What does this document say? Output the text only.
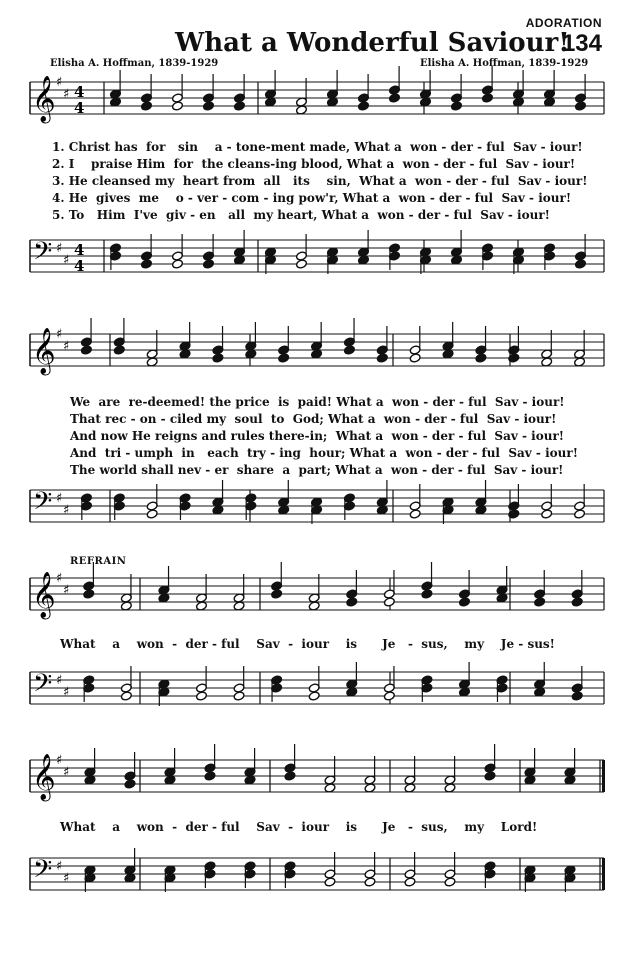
ADORATION
134
What a Wonderful Saviour!
Elisha A. Hoffman, 1839-1929	Elisha A. Hoffman, 1839-1929
𝄞
𝄢
♯
♯
♯
♯
4
4
4
4
𝄞
𝄢
♯
♯
♯
♯
𝄞
𝄢
♯
♯
♯
♯
𝄞
𝄢
♯
♯
♯
♯
1. Christ has  for   sin    a - tone-ment made, What a  won - der - ful  Sav - iour!
2. I    praise Him  for  the cleans-ing blood, What a  won - der - ful  Sav - iour!
3. He cleansed my  heart from  all   its    sin,  What a  won - der - ful  Sav - iour!
4. He  gives  me    o - ver - com - ing pow'r, What a  won - der - ful  Sav - iour!
5. To   Him  I've  giv - en   all  my heart, What a  won - der - ful  Sav - iour!
We  are  re-deemed! the price  is  paid! What a  won - der - ful  Sav - iour!
That rec - on - ciled my  soul  to  God; What a  won - der - ful  Sav - iour!
And now He reigns and rules there-in;  What a  won - der - ful  Sav - iour!
And  tri - umph  in   each  try - ing  hour; What a  won - der - ful  Sav - iour!
The world shall nev - er  share  a  part; What a  won - der - ful  Sav - iour!
REFRAIN
What    a    won  -  der - ful    Sav  -  iour    is      Je   -  sus,    my    Je - sus!
What    a    won  -  der - ful    Sav  -  iour    is      Je   -  sus,    my    Lord!
